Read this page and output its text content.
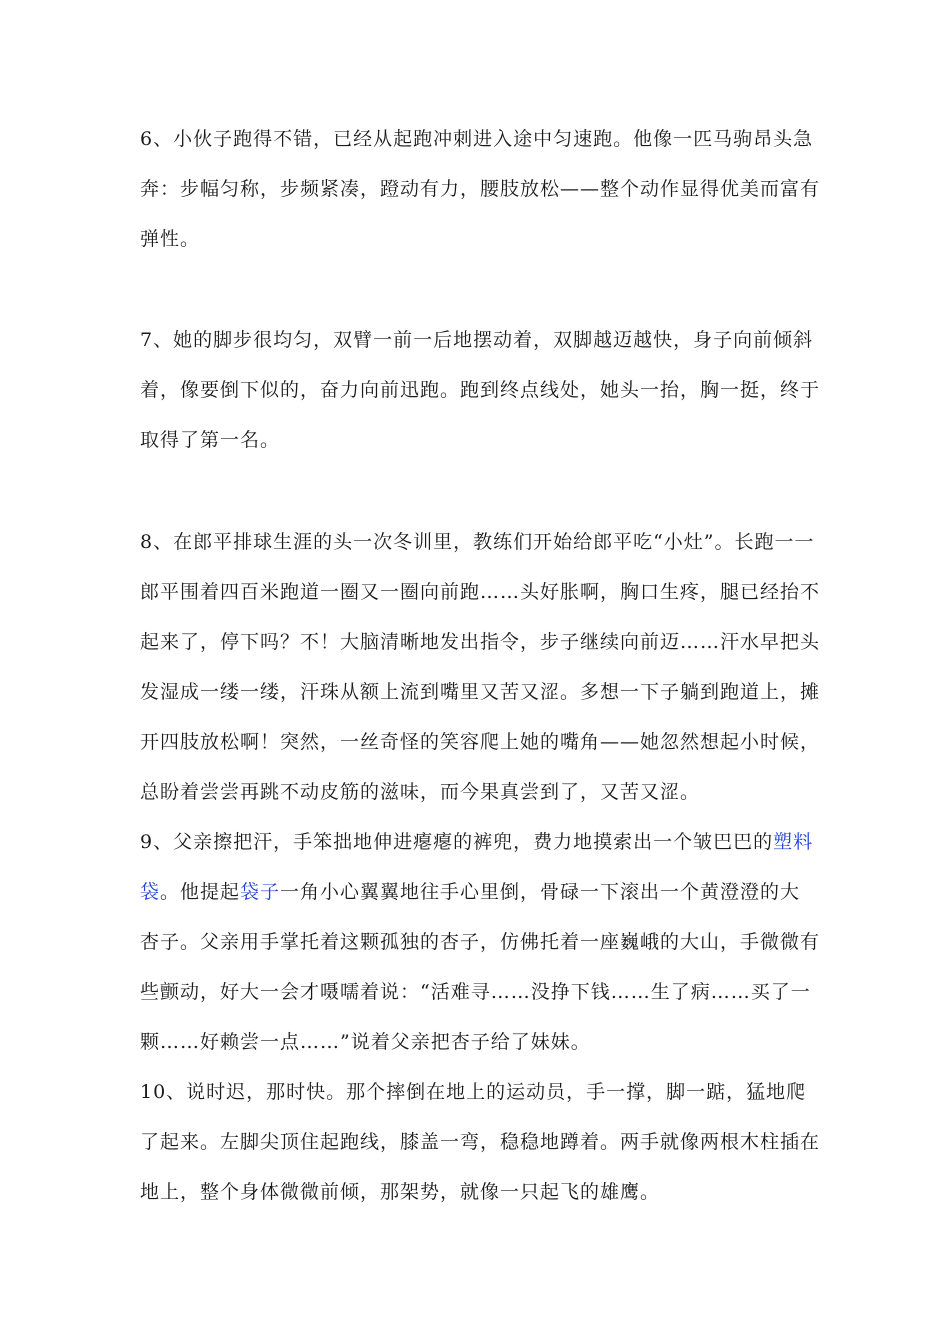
6、小伙子跑得不错，已经从起跑冲刺进入途中匀速跑。他像一匹马驹昂头急奔：步幅匀称，步频紧凑，蹬动有力，腰肢放松——整个动作显得优美而富有弹性。

7、她的脚步很均匀，双臂一前一后地摆动着，双脚越迈越快，身子向前倾斜着，像要倒下似的，奋力向前迅跑。跑到终点线处，她头一抬，胸一挺，终于取得了第一名。

8、在郎平排球生涯的头一次冬训里，教练们开始给郎平吃“小灶”。长跑一一郎平围着四百米跑道一圈又一圈向前跑……头好胀啊，胸口生疼，腿已经抬不起来了，停下吗？不！大脑清晰地发出指令，步子继续向前迈……汗水早把头发湿成一缕一缕，汗珠从额上流到嘴里又苦又涩。多想一下子躺到跑道上，摊开四肢放松啊！突然，一丝奇怪的笑容爬上她的嘴角——她忽然想起小时候，总盼着尝尝再跳不动皮筋的滋味，而今果真尝到了，又苦又涩。

9、父亲擦把汗，手笨拙地伸进瘪瘪的裤兜，费力地摸索出一个皱巴巴的塑料袋。他提起袋子一角小心翼翼地往手心里倒，骨碌一下滚出一个黄澄澄的大杏子。父亲用手掌托着这颗孤独的杏子，仿佛托着一座巍峨的大山，手微微有些颤动，好大一会才嗫嚅着说：“活难寻……没挣下钱……生了病……买了一颗……好赖尝一点……”说着父亲把杏子给了妹妹。

10、说时迟，那时快。那个摔倒在地上的运动员，手一撑，脚一踮，猛地爬了起来。左脚尖顶住起跑线，膝盖一弯，稳稳地蹲着。两手就像两根木柱插在地上，整个身体微微前倾，那架势，就像一只起飞的雄鹰。
